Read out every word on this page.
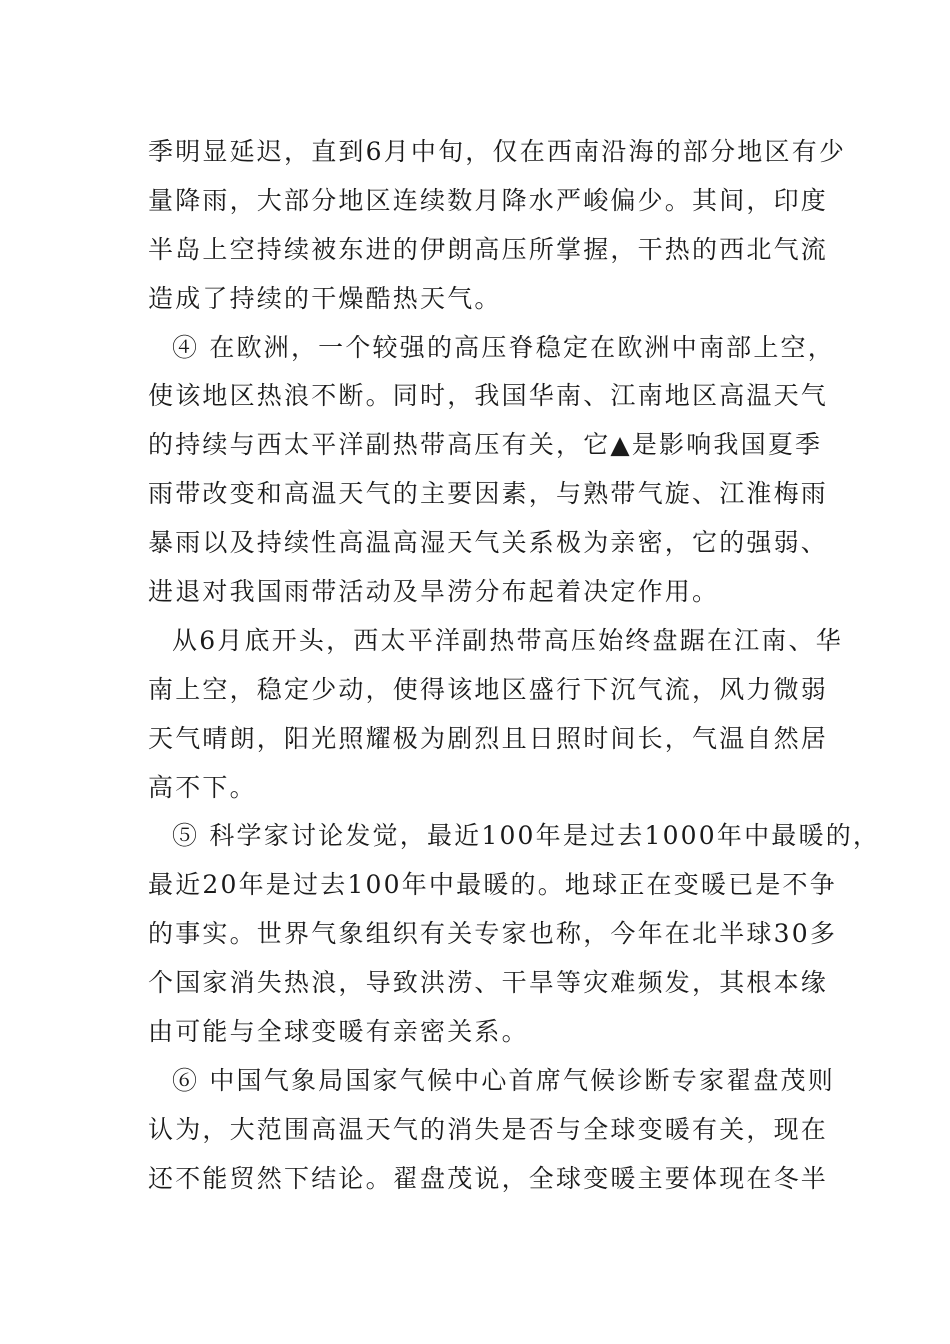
季明显延迟，直到6月中旬，仅在西南沿海的部分地区有少
量降雨，大部分地区连续数月降水严峻偏少。其间，印度
半岛上空持续被东进的伊朗高压所掌握，干热的西北气流
造成了持续的干燥酷热天气。
④ 在欧洲，一个较强的高压脊稳定在欧洲中南部上空，
使该地区热浪不断。同时，我国华南、江南地区高温天气
的持续与西太平洋副热带高压有关，它▲是影响我国夏季
雨带改变和高温天气的主要因素，与熟带气旋、江淮梅雨
暴雨以及持续性高温高湿天气关系极为亲密，它的强弱、
进退对我国雨带活动及旱涝分布起着决定作用。
从6月底开头，西太平洋副热带高压始终盘踞在江南、华
南上空，稳定少动，使得该地区盛行下沉气流，风力微弱
天气晴朗，阳光照耀极为剧烈且日照时间长，气温自然居
高不下。
⑤ 科学家讨论发觉，最近100年是过去1000年中最暖的，
最近20年是过去100年中最暖的。地球正在变暖已是不争
的事实。世界气象组织有关专家也称，今年在北半球30多
个国家消失热浪，导致洪涝、干旱等灾难频发，其根本缘
由可能与全球变暖有亲密关系。
⑥ 中国气象局国家气候中心首席气候诊断专家翟盘茂则
认为，大范围高温天气的消失是否与全球变暖有关，现在
还不能贸然下结论。翟盘茂说，全球变暖主要体现在冬半
